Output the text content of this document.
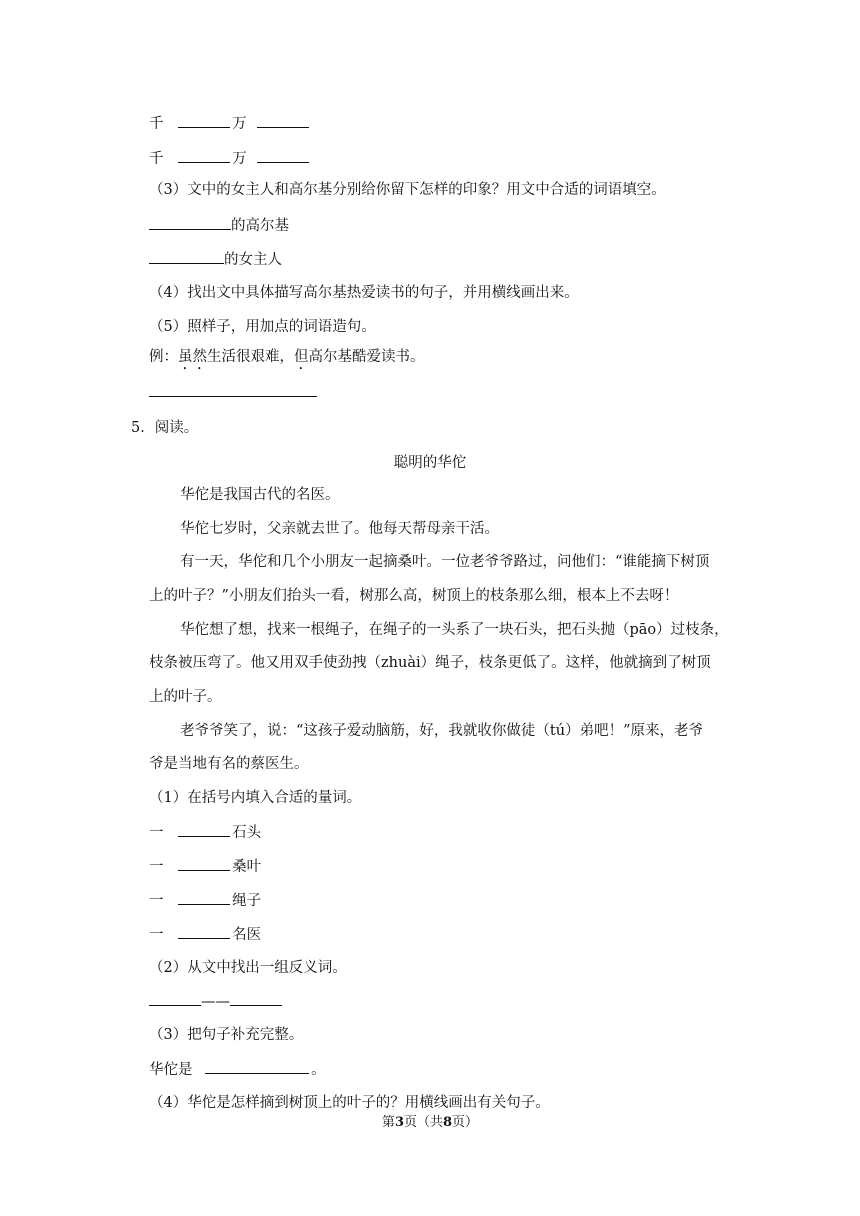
千	万
千	万
（3）文中的女主人和高尔基分别给你留下怎样的印象？用文中合适的词语填空。
的高尔基
的女主人
（4）找出文中具体描写高尔基热爱读书的句子，并用横线画出来。
（5）照样子，用加点的词语造句。
例：虽然生活很艰难，但高尔基酷爱读书。
5．阅读。
聪明的华佗
华佗是我国古代的名医。
华佗七岁时，父亲就去世了。他每天帮母亲干活。
有一天，华佗和几个小朋友一起摘桑叶。一位老爷爷路过，问他们：“谁能摘下树顶
上的叶子？”小朋友们抬头一看，树那么高，树顶上的枝条那么细，根本上不去呀！
华佗想了想，找来一根绳子，在绳子的一头系了一块石头，把石头抛（pāo）过枝条，
枝条被压弯了。他又用双手使劲拽（zhuài）绳子，枝条更低了。这样，他就摘到了树顶
上的叶子。
老爷爷笑了，说：“这孩子爱动脑筋，好，我就收你做徒（tú）弟吧！”原来，老爷
爷是当地有名的蔡医生。
（1）在括号内填入合适的量词。
一	石头
一	桑叶
一	绳子
一	名医
（2）从文中找出一组反义词。
——
（3）把句子补充完整。
华佗是	。
（4）华佗是怎样摘到树顶上的叶子的？用横线画出有关句子。
第3页（共8页）
